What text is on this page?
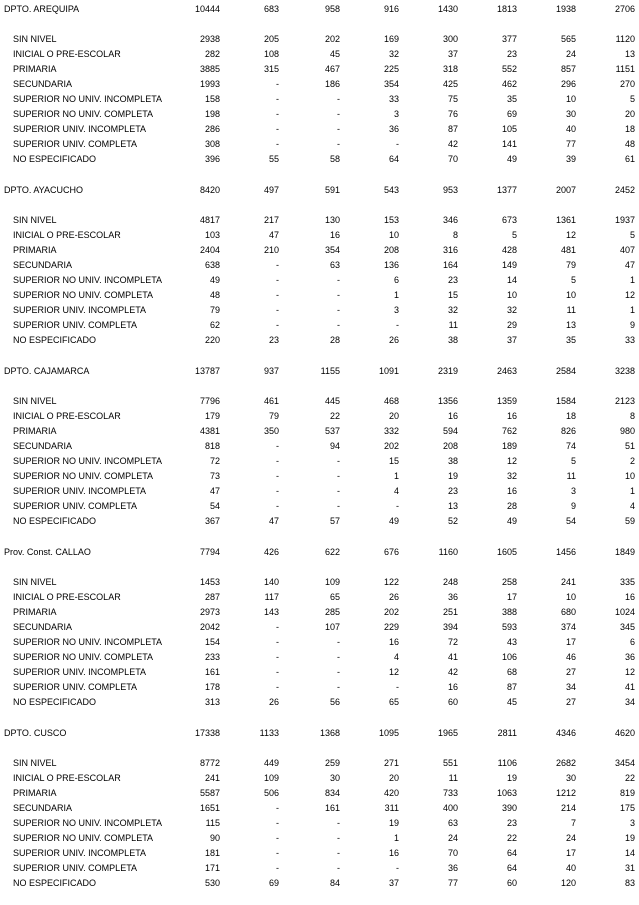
DPTO. AREQUIPA	10444	683	958	916	1430	1813	1938	2706
SIN NIVEL	2938	205	202	169	300	377	565	1120
INICIAL O PRE-ESCOLAR	282	108	45	32	37	23	24	13
PRIMARIA	3885	315	467	225	318	552	857	1151
SECUNDARIA	1993	-	186	354	425	462	296	270
SUPERIOR NO UNIV. INCOMPLETA	158	-	-	33	75	35	10	5
SUPERIOR NO UNIV. COMPLETA	198	-	-	3	76	69	30	20
SUPERIOR UNIV. INCOMPLETA	286	-	-	36	87	105	40	18
SUPERIOR UNIV. COMPLETA	308	-	-	-	42	141	77	48
NO ESPECIFICADO	396	55	58	64	70	49	39	61
DPTO. AYACUCHO	8420	497	591	543	953	1377	2007	2452
SIN NIVEL	4817	217	130	153	346	673	1361	1937
INICIAL O PRE-ESCOLAR	103	47	16	10	8	5	12	5
PRIMARIA	2404	210	354	208	316	428	481	407
SECUNDARIA	638	-	63	136	164	149	79	47
SUPERIOR NO UNIV. INCOMPLETA	49	-	-	6	23	14	5	1
SUPERIOR NO UNIV. COMPLETA	48	-	-	1	15	10	10	12
SUPERIOR UNIV. INCOMPLETA	79	-	-	3	32	32	11	1
SUPERIOR UNIV. COMPLETA	62	-	-	-	11	29	13	9
NO ESPECIFICADO	220	23	28	26	38	37	35	33
DPTO. CAJAMARCA	13787	937	1155	1091	2319	2463	2584	3238
SIN NIVEL	7796	461	445	468	1356	1359	1584	2123
INICIAL O PRE-ESCOLAR	179	79	22	20	16	16	18	8
PRIMARIA	4381	350	537	332	594	762	826	980
SECUNDARIA	818	-	94	202	208	189	74	51
SUPERIOR NO UNIV. INCOMPLETA	72	-	-	15	38	12	5	2
SUPERIOR NO UNIV. COMPLETA	73	-	-	1	19	32	11	10
SUPERIOR UNIV. INCOMPLETA	47	-	-	4	23	16	3	1
SUPERIOR UNIV. COMPLETA	54	-	-	-	13	28	9	4
NO ESPECIFICADO	367	47	57	49	52	49	54	59
Prov. Const. CALLAO	7794	426	622	676	1160	1605	1456	1849
SIN NIVEL	1453	140	109	122	248	258	241	335
INICIAL O PRE-ESCOLAR	287	117	65	26	36	17	10	16
PRIMARIA	2973	143	285	202	251	388	680	1024
SECUNDARIA	2042	-	107	229	394	593	374	345
SUPERIOR NO UNIV. INCOMPLETA	154	-	-	16	72	43	17	6
SUPERIOR NO UNIV. COMPLETA	233	-	-	4	41	106	46	36
SUPERIOR UNIV. INCOMPLETA	161	-	-	12	42	68	27	12
SUPERIOR UNIV. COMPLETA	178	-	-	-	16	87	34	41
NO ESPECIFICADO	313	26	56	65	60	45	27	34
DPTO. CUSCO	17338	1133	1368	1095	1965	2811	4346	4620
SIN NIVEL	8772	449	259	271	551	1106	2682	3454
INICIAL O PRE-ESCOLAR	241	109	30	20	11	19	30	22
PRIMARIA	5587	506	834	420	733	1063	1212	819
SECUNDARIA	1651	-	161	311	400	390	214	175
SUPERIOR NO UNIV. INCOMPLETA	115	-	-	19	63	23	7	3
SUPERIOR NO UNIV. COMPLETA	90	-	-	1	24	22	24	19
SUPERIOR UNIV. INCOMPLETA	181	-	-	16	70	64	17	14
SUPERIOR UNIV. COMPLETA	171	-	-	-	36	64	40	31
NO ESPECIFICADO	530	69	84	37	77	60	120	83
